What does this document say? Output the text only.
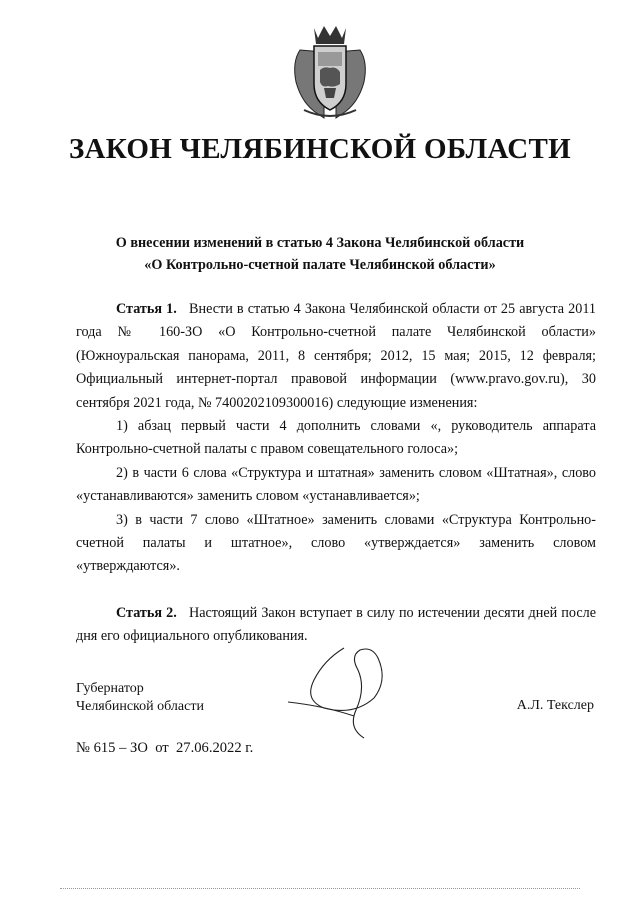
ЗАКОН ЧЕЛЯБИНСКОЙ ОБЛАСТИ
О внесении изменений в статью 4 Закона Челябинской области
«О Контрольно-счетной палате Челябинской области»

Статья 1. Внести в статью 4 Закона Челябинской области от 25 августа 2011 года № 160-ЗО «О Контрольно-счетной палате Челябинской области» (Южноуральская панорама, 2011, 8 сентября; 2012, 15 мая; 2015, 12 февраля; Официальный интернет-портал правовой информации (www.pravo.gov.ru), 30 сентября 2021 года, № 7400202109300016) следующие изменения:

1) абзац первый части 4 дополнить словами «, руководитель аппарата Контрольно-счетной палаты с правом совещательного голоса»;

2) в части 6 слова «Структура и штатная» заменить словом «Штатная», слово «устанавливаются» заменить словом «устанавливается»;

3) в части 7 слово «Штатное» заменить словами «Структура Контрольно-счетной палаты и штатное», слово «утверждается» заменить словом «утверждаются».

Статья 2. Настоящий Закон вступает в силу по истечении десяти дней после дня его официального опубликования.

Губернатор
Челябинской области	А.Л. Текслер
№ 615 – ЗО  от  27.06.2022 г.
